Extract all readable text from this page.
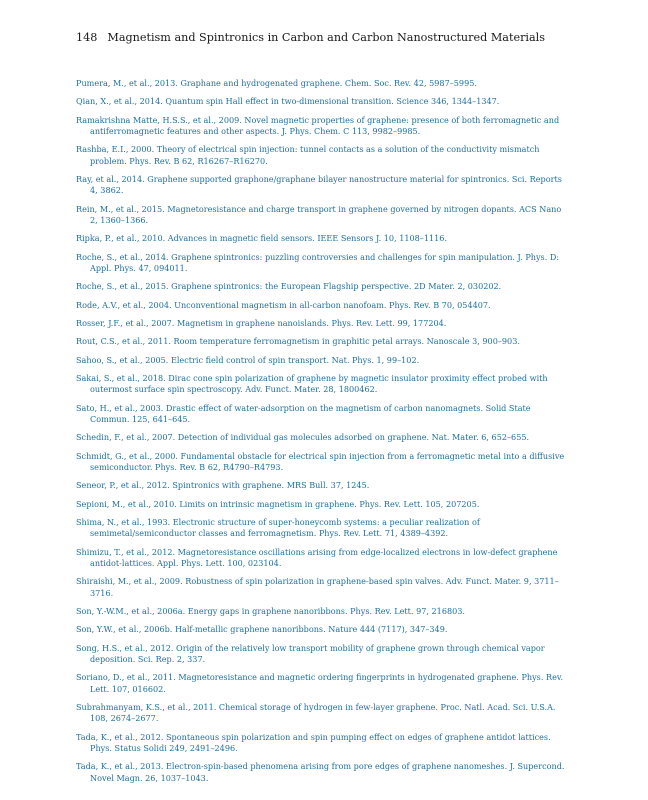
148 Magnetism and Spintronics in Carbon and Carbon Nanostructured Materials
Pumera, M., et al., 2013. Graphane and hydrogenated graphene. Chem. Soc. Rev. 42, 5987–5995.
Qian, X., et al., 2014. Quantum spin Hall effect in two-dimensional transition. Science 346, 1344–1347.
Ramakrishna Matte, H.S.S., et al., 2009. Novel magnetic properties of graphene: presence of both ferromagnetic and antiferromagnetic features and other aspects. J. Phys. Chem. C 113, 9982–9985.
Rashba, E.I., 2000. Theory of electrical spin injection: tunnel contacts as a solution of the conductivity mismatch problem. Phys. Rev. B 62, R16267–R16270.
Ray, et al., 2014. Graphene supported graphone/graphane bilayer nanostructure material for spintronics. Sci. Reports 4, 3862.
Rein, M., et al., 2015. Magnetoresistance and charge transport in graphene governed by nitrogen dopants. ACS Nano 2, 1360–1366.
Ripka, P., et al., 2010. Advances in magnetic field sensors. IEEE Sensors J. 10, 1108–1116.
Roche, S., et al., 2014. Graphene spintronics: puzzling controversies and challenges for spin manipulation. J. Phys. D: Appl. Phys. 47, 094011.
Roche, S., et al., 2015. Graphene spintronics: the European Flagship perspective. 2D Mater. 2, 030202.
Rode, A.V., et al., 2004. Unconventional magnetism in all-carbon nanofoam. Phys. Rev. B 70, 054407.
Rosser, J.F., et al., 2007. Magnetism in graphene nanoislands. Phys. Rev. Lett. 99, 177204.
Rout, C.S., et al., 2011. Room temperature ferromagnetism in graphitic petal arrays. Nanoscale 3, 900–903.
Sahoo, S., et al., 2005. Electric field control of spin transport. Nat. Phys. 1, 99–102.
Sakai, S., et al., 2018. Dirac cone spin polarization of graphene by magnetic insulator proximity effect probed with outermost surface spin spectroscopy. Adv. Funct. Mater. 28, 1800462.
Sato, H., et al., 2003. Drastic effect of water-adsorption on the magnetism of carbon nanomagnets. Solid State Commun. 125, 641–645.
Schedin, F., et al., 2007. Detection of individual gas molecules adsorbed on graphene. Nat. Mater. 6, 652–655.
Schmidt, G., et al., 2000. Fundamental obstacle for electrical spin injection from a ferromagnetic metal into a diffusive semiconductor. Phys. Rev. B 62, R4790–R4793.
Seneor, P., et al., 2012. Spintronics with graphene. MRS Bull. 37, 1245.
Sepioni, M., et al., 2010. Limits on intrinsic magnetism in graphene. Phys. Rev. Lett. 105, 207205.
Shima, N., et al., 1993. Electronic structure of super-honeycomb systems: a peculiar realization of semimetal/semiconductor classes and ferromagnetism. Phys. Rev. Lett. 71, 4389–4392.
Shimizu, T., et al., 2012. Magnetoresistance oscillations arising from edge-localized electrons in low-defect graphene antidot-lattices. Appl. Phys. Lett. 100, 023104.
Shiraishi, M., et al., 2009. Robustness of spin polarization in graphene-based spin valves. Adv. Funct. Mater. 9, 3711–3716.
Son, Y.-W.M., et al., 2006a. Energy gaps in graphene nanoribbons. Phys. Rev. Lett. 97, 216803.
Son, Y.W., et al., 2006b. Half-metallic graphene nanoribbons. Nature 444 (7117), 347–349.
Song, H.S., et al., 2012. Origin of the relatively low transport mobility of graphene grown through chemical vapor deposition. Sci. Rep. 2, 337.
Soriano, D., et al., 2011. Magnetoresistance and magnetic ordering fingerprints in hydrogenated graphene. Phys. Rev. Lett. 107, 016602.
Subrahmanyam, K.S., et al., 2011. Chemical storage of hydrogen in few-layer graphene. Proc. Natl. Acad. Sci. U.S.A. 108, 2674–2677.
Tada, K., et al., 2012. Spontaneous spin polarization and spin pumping effect on edges of graphene antidot lattices. Phys. Status Solidi 249, 2491–2496.
Tada, K., et al., 2013. Electron-spin-based phenomena arising from pore edges of graphene nanomeshes. J. Supercond. Novel Magn. 26, 1037–1043.
